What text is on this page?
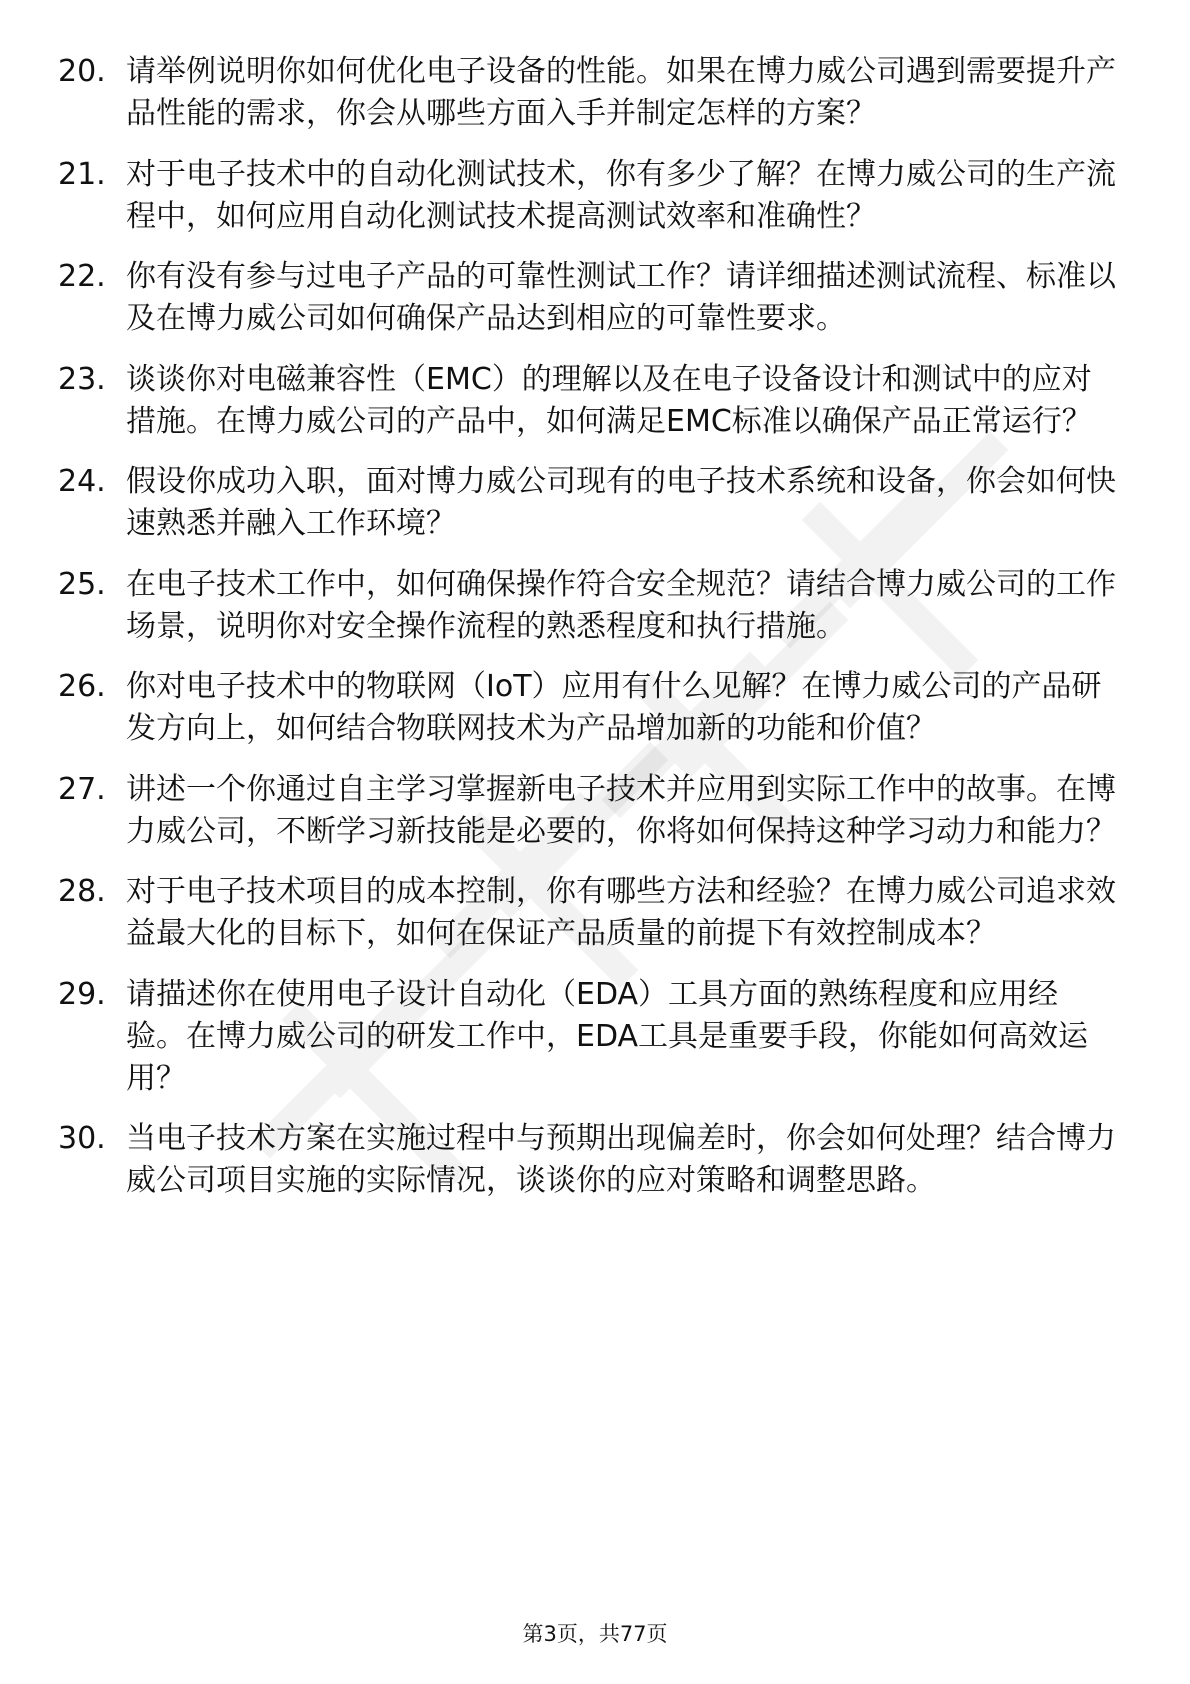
20. 请举例说明你如何优化电子设备的性能。如果在博力威公司遇到需要提升产品性能的需求，你会从哪些方面入手并制定怎样的方案？
21. 对于电子技术中的自动化测试技术，你有多少了解？在博力威公司的生产流程中，如何应用自动化测试技术提高测试效率和准确性？
22. 你有没有参与过电子产品的可靠性测试工作？请详细描述测试流程、标准以及在博力威公司如何确保产品达到相应的可靠性要求。
23. 谈谈你对电磁兼容性（EMC）的理解以及在电子设备设计和测试中的应对措施。在博力威公司的产品中，如何满足EMC标准以确保产品正常运行？
24. 假设你成功入职，面对博力威公司现有的电子技术系统和设备，你会如何快速熟悉并融入工作环境？
25. 在电子技术工作中，如何确保操作符合安全规范？请结合博力威公司的工作场景，说明你对安全操作流程的熟悉程度和执行措施。
26. 你对电子技术中的物联网（IoT）应用有什么见解？在博力威公司的产品研发方向上，如何结合物联网技术为产品增加新的功能和价值？
27. 讲述一个你通过自主学习掌握新电子技术并应用到实际工作中的故事。在博力威公司，不断学习新技能是必要的，你将如何保持这种学习动力和能力？
28. 对于电子技术项目的成本控制，你有哪些方法和经验？在博力威公司追求效益最大化的目标下，如何在保证产品质量的前提下有效控制成本？
29. 请描述你在使用电子设计自动化（EDA）工具方面的熟练程度和应用经验。在博力威公司的研发工作中，EDA工具是重要手段，你能如何高效运用？
30. 当电子技术方案在实施过程中与预期出现偏差时，你会如何处理？结合博力威公司项目实施的实际情况，谈谈你的应对策略和调整思路。
第3页，共77页
